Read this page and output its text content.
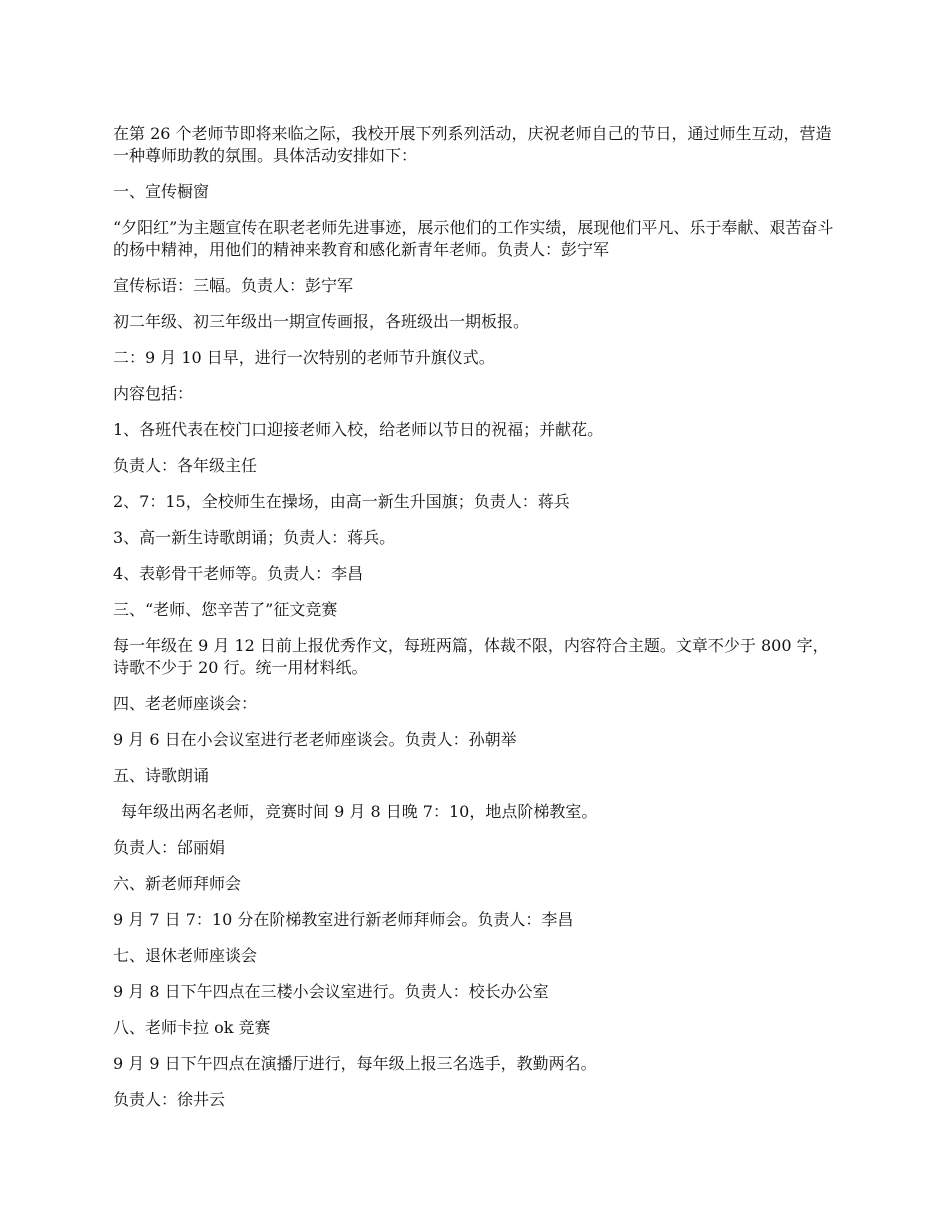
在第 26 个老师节即将来临之际，我校开展下列系列活动，庆祝老师自己的节日，通过师生互动，营造一种尊师助教的氛围。具体活动安排如下：

一、宣传橱窗

“夕阳红”为主题宣传在职老老师先进事迹，展示他们的工作实绩，展现他们平凡、乐于奉献、艰苦奋斗的杨中精神，用他们的精神来教育和感化新青年老师。负责人：彭宁军

宣传标语：三幅。负责人：彭宁军

初二年级、初三年级出一期宣传画报，各班级出一期板报。

二：9 月 10 日早，进行一次特别的老师节升旗仪式。

内容包括：

1、各班代表在校门口迎接老师入校，给老师以节日的祝福；并献花。

负责人：各年级主任

2、7：15，全校师生在操场，由高一新生升国旗；负责人：蒋兵

3、高一新生诗歌朗诵；负责人：蒋兵。

4、表彰骨干老师等。负责人：李昌

三、“老师、您辛苦了”征文竞赛

每一年级在 9 月 12 日前上报优秀作文，每班两篇，体裁不限，内容符合主题。文章不少于 800 字，诗歌不少于 20 行。统一用材料纸。

四、老老师座谈会：

9 月 6 日在小会议室进行老老师座谈会。负责人：孙朝举

五、诗歌朗诵

每年级出两名老师，竞赛时间 9 月 8 日晚 7：10，地点阶梯教室。

负责人：邰丽娟

六、新老师拜师会

9 月 7 日 7：10 分在阶梯教室进行新老师拜师会。负责人：李昌

七、退休老师座谈会

9 月 8 日下午四点在三楼小会议室进行。负责人：校长办公室

八、老师卡拉 ok 竞赛

9 月 9 日下午四点在演播厅进行，每年级上报三名选手，教勤两名。

负责人：徐井云
